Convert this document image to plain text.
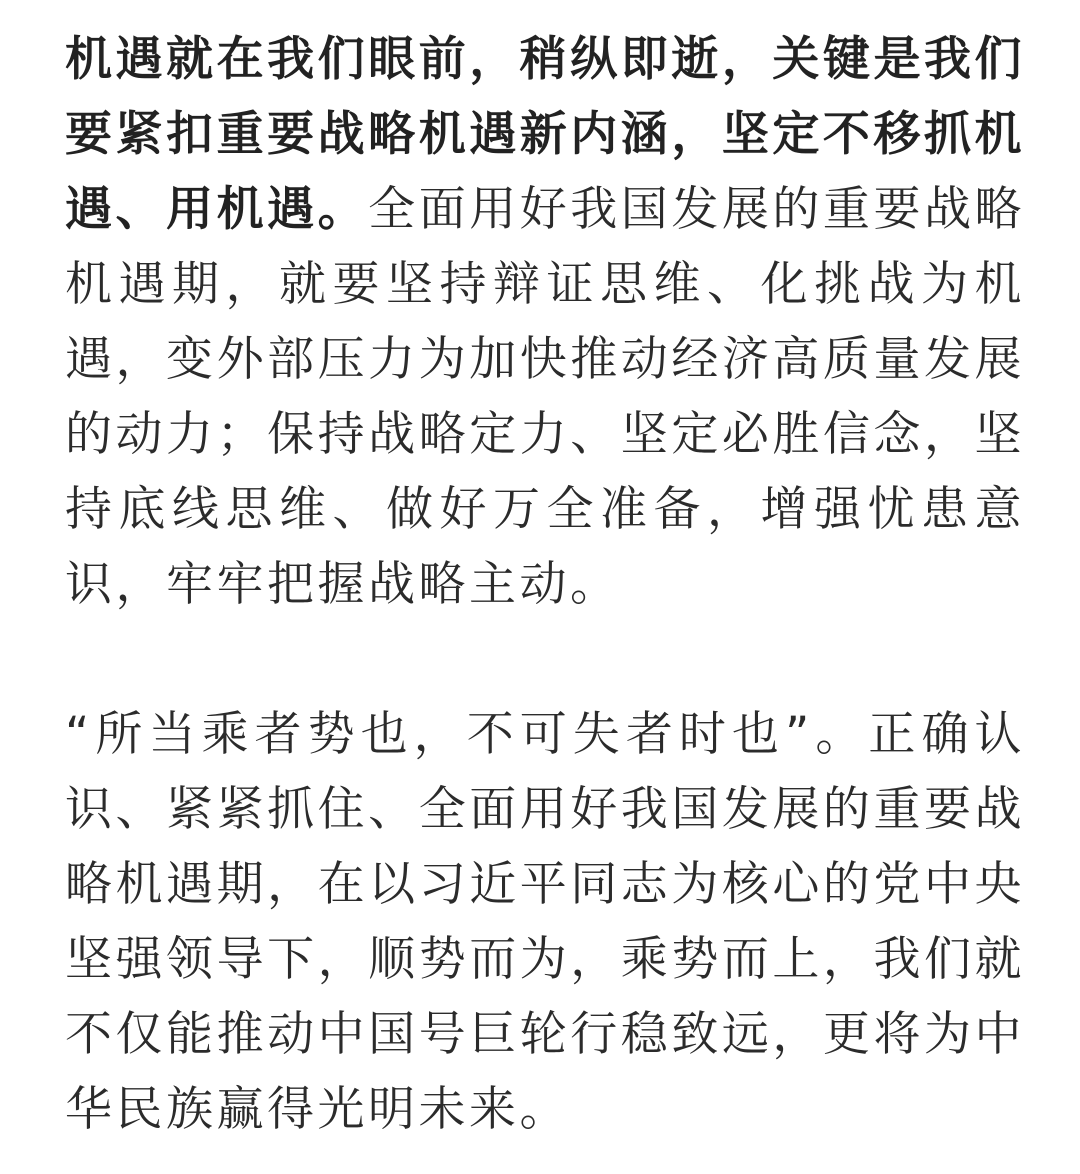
机遇就在我们眼前，稍纵即逝，关键是我们要紧扣重要战略机遇新内涵，坚定不移抓机遇、用机遇。全面用好我国发展的重要战略机遇期，就要坚持辩证思维、化挑战为机遇，变外部压力为加快推动经济高质量发展的动力；保持战略定力、坚定必胜信念，坚持底线思维、做好万全准备，增强忧患意识，牢牢把握战略主动。

“所当乘者势也，不可失者时也”。正确认识、紧紧抓住、全面用好我国发展的重要战略机遇期，在以习近平同志为核心的党中央坚强领导下，顺势而为，乘势而上，我们就不仅能推动中国号巨轮行稳致远，更将为中华民族赢得光明未来。
